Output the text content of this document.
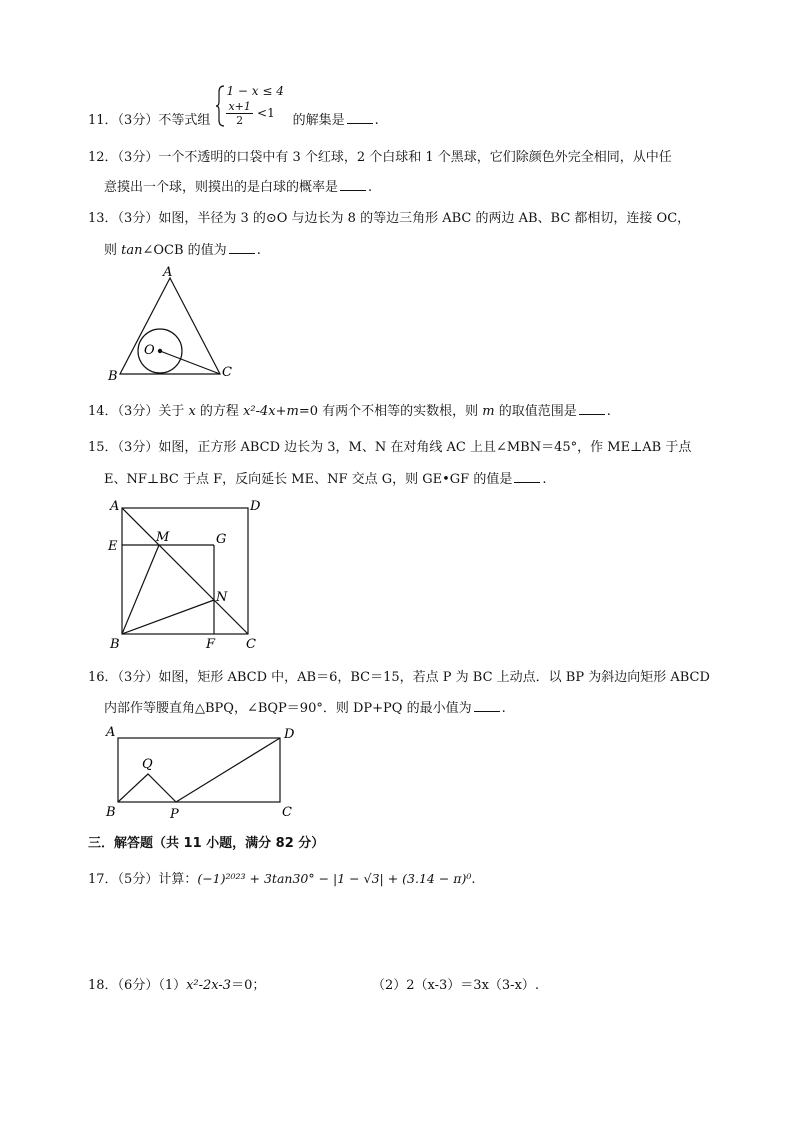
11．（3分）不等式组
1 − x ≤ 4
$\frac{x+1}{2} <1$ 的解集是 .
12．（3分）一个不透明的口袋中有 3 个红球，2 个白球和 1 个黑球，它们除颜色外完全相同，从中任
意摸出一个球，则摸出的是白球的概率是 .
13．（3分）如图，半径为 3 的⊙O 与边长为 8 的等边三角形 ABC 的两边 AB、BC 都相切，连接 OC，
则 tan∠OCB 的值为 .
A
B	C
O
14．（3分）关于 x 的方程 x²-4x+m=0 有两个不相等的实数根，则 m 的取值范围是 .
15．（3分）如图，正方形 ABCD 边长为 3，M、N 在对角线 AC 上且∠MBN＝45°，作 ME⊥AB 于点
E、NF⊥BC 于点 F，反向延长 ME、NF 交点 G，则 GE•GF 的值是 .
A	D
M	G
E
N
B	F C
16．（3分）如图，矩形 ABCD 中，AB＝6，BC＝15，若点 P 为 BC 上动点．以 BP 为斜边向矩形 ABCD
内部作等腰直角△BPQ，∠BQP＝90°．则 DP+PQ 的最小值为 .
A	D
Q
B	P	C
三．解答题（共 11 小题，满分 82 分）
17．（5分）计算：(−1)²⁰²³ + 3tan30° − |1 − √3| + (3.14 − π)⁰.
18．（6分）（1）x²-2x-3＝0；	（2）2（x-3）＝3x（3-x）.
